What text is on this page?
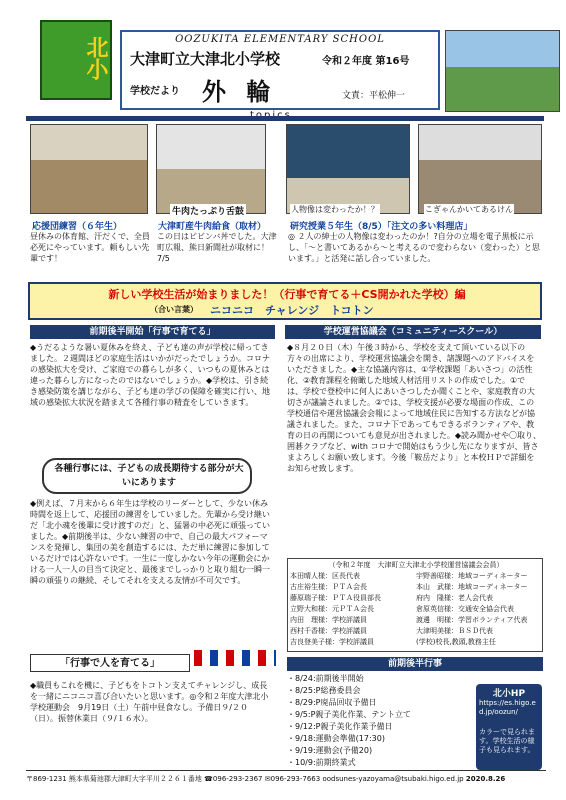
北小	OOZUKITA ELEMENTARY SCHOOL
大津町立大津北小学校	令和２年度 第16号
学校だより 外 輪	文責：平松伸一
牛肉たっぷり舌鼓	人物像は変わったか！？	こぎゃんかいてあるけん
応援団練習（６年生）
昼休みの体育館、汗だくで、全員必死にやっています。頼もしい先輩です！
大津町産牛肉給食（取材）
この日はビビンバ丼でした。大津町広報、熊日新聞社が取材に！7/5
研究授業５年生（8/5）「注文の多い料理店」
◎ ２人の紳士の人物像は変わったのか！?自分の立場を電子黒板に示し、「～と書いてあるから～と考えるので変わらない（変わった）と思います。」と活発に話し合っていました。
新しい学校生活が始まりました！（行事で育てる＋CS開かれた学校）編
（合い言葉） ニコニコ　チャレンジ　トコトン
前期後半開始「行事で育てる」
◆うだるような暑い夏休みを終え、子ども達の声が学校に帰ってきました。２週間ほどの家庭生活はいかがだったでしょうか。コロナの感染拡大を受け、ご家庭での暮らしが多く、いつもの夏休みとは違った暮らし方になったのではないでしょうか。◆学校は、引き続き感染防策を講じながら、子ども達の学びの保障を確実に行い、地域の感染拡大状況を踏まえて各種行事の精査をしていきます。
各種行事には、子どもの成長期待する部分が大いにあります
◆例えば、７月末から６年生は学校のリーダーとして、少ない休み時間を返上して、応援団の練習をしていました。先輩から受け継いだ「北小魂を後輩に受け渡すのだ」と、猛暑の中必死に頑張っていました。◆前期後半は、少ない練習の中で、自己の最大パフォーマンスを発揮し、集団の美を創造するには、ただ単に練習に参加しているだけでは心許ないです。一生に一度しかない今年の運動会にかける一人一人の目当て決定と、最後までしっかりと取り組む一瞬一瞬の頑張りの継続、そしてそれを支える友情が不可欠です。
「行事で人を育てる」
◆職員もこれを機に、子どもをトコトン支えてチャレンジし、成長を一緒にニコニコ喜び合いたいと思います。◎令和２年度大津北小学校運動会　9月19日（土）午前中昼食なし。予備日９/２０（日）。振替休業日（９/１６水）。
学校運営協議会（コミュニティースクール）
◆８月２０日（木）午後３時から、学校を支えて頂いている以下の方々の出席により、学校運営協議会を開き、諸課題へのアドバイスをいただきました。◆主な協議内容は、①学校課題「あいさつ」の活性化、②教育課程を俯瞰した地域人材活用リストの作成でした。①では、学校で登校中に何人にあいさつしたか聞くことや、家庭教育の大切さが議論されました。②では、学校支援が必要な場面の作成、この学校通信や運営協議会会報によって地域住民に告知する方法などが協議されました。また、コロナ下であってもできるボランティアや、教育の日の再開についても意見が出されました。◆読み聞かせや〇取り、囲碁クラブなど、with コロナで開始はもう少し先になりますが、皆さまよろしくお願い致します。今後「鞍岳だより」と本校ＨＰで詳細をお知らせ致します。
（令和２年度　大津町立大津北小学校運営協議会会員）
本田晴人様：区長代表	宇野善昭様：地域コーディネーター
古庄裕生様：ＰＴＡ会長	本山　武様：地域コーディネーター
藤原瑞子様：ＰＴＡ役員部長	府内　隆様：老人会代表
立野大和様：元ＰＴＡ会長	倉原英信様：交通安全協会代表
内田　理様：学校評議員	渡邊　明様：学習ボランティア代表
西村千香様：学校評議員	大津明美様：ＢＳＤ代表
吉良登美子様：学校評議員	(学校)校長,教頭,教務主任
前期後半行事
・8/24:前期後半開始
・8/25:P総務委員会
・8/29:P廃品回収予備日
・9/5:P親子美化作業、テント立て
・9/12:P親子美化作業予備日
・9/18:運動会準備(17:30)
・9/19:運動会(予備20)
・10/9:前期終業式
北小HP
https://es.higo.ed.jp/oozun/
カラーで見られます。学校生活の様子も見られます。
〒869-1231 熊本県菊池郡大津町大字平川２２６１番地 ☎096-293-2367 ✉096-293-7663 oodsunes-yazoyama@tsubaki.higo.ed.jp 2020.8.26
